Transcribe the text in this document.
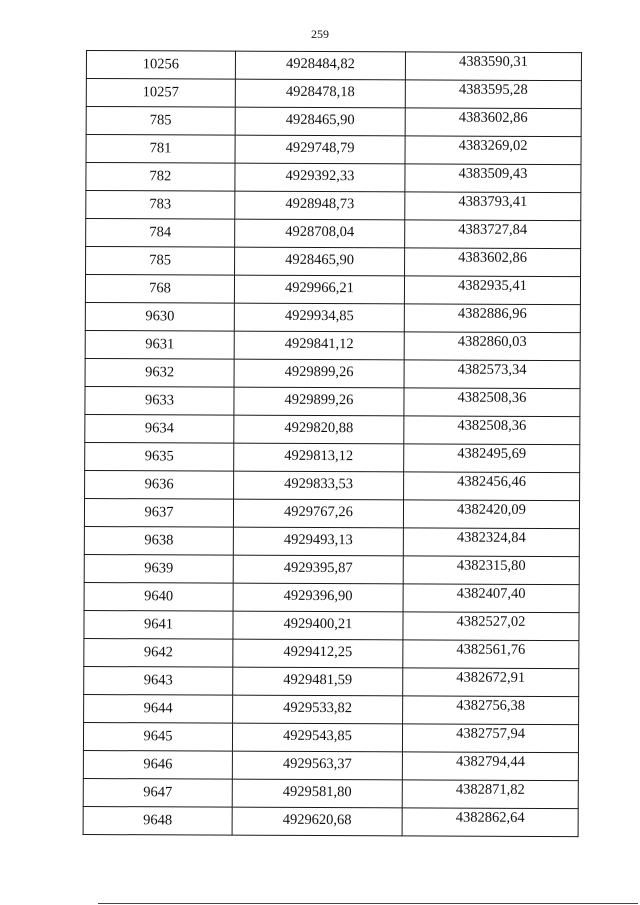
259
10256	4928484,82	4383590,31
10257	4928478,18	4383595,28
785	4928465,90	4383602,86
781	4929748,79	4383269,02
782	4929392,33	4383509,43
783	4928948,73	4383793,41
784	4928708,04	4383727,84
785	4928465,90	4383602,86
768	4929966,21	4382935,41
9630	4929934,85	4382886,96
9631	4929841,12	4382860,03
9632	4929899,26	4382573,34
9633	4929899,26	4382508,36
9634	4929820,88	4382508,36
9635	4929813,12	4382495,69
9636	4929833,53	4382456,46
9637	4929767,26	4382420,09
9638	4929493,13	4382324,84
9639	4929395,87	4382315,80
9640	4929396,90	4382407,40
9641	4929400,21	4382527,02
9642	4929412,25	4382561,76
9643	4929481,59	4382672,91
9644	4929533,82	4382756,38
9645	4929543,85	4382757,94
9646	4929563,37	4382794,44
9647	4929581,80	4382871,82
9648	4929620,68	4382862,64
